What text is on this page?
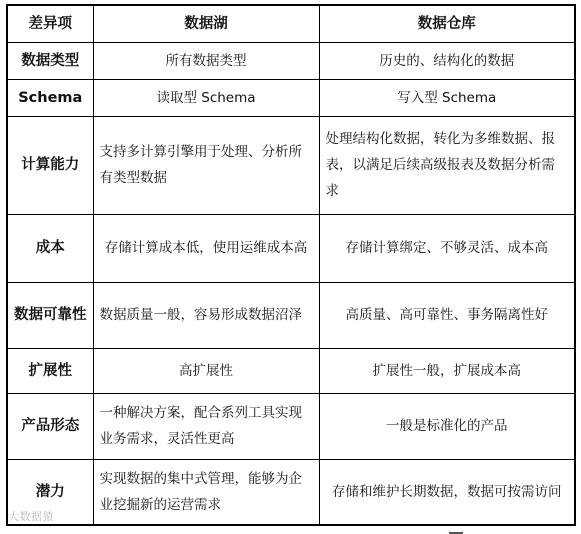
差异项	数据湖	数据仓库
数据类型	所有数据类型	历史的、结构化的数据
Schema	读取型 Schema	写入型 Schema
计算能力	支持多计算引擎用于处理、分析所有类型数据	处理结构化数据，转化为多维数据、报表，以满足后续高级报表及数据分析需求
成本	存储计算成本低，使用运维成本高	存储计算绑定、不够灵活、成本高
数据可靠性	数据质量一般，容易形成数据沼泽	高质量、高可靠性、事务隔离性好
扩展性	高扩展性	扩展性一般，扩展成本高
产品形态	一种解决方案，配合系列工具实现业务需求，灵活性更高	一般是标准化的产品
潜力	实现数据的集中式管理，能够为企业挖掘新的运营需求	存储和维护长期数据，数据可按需访问
大数据猿
